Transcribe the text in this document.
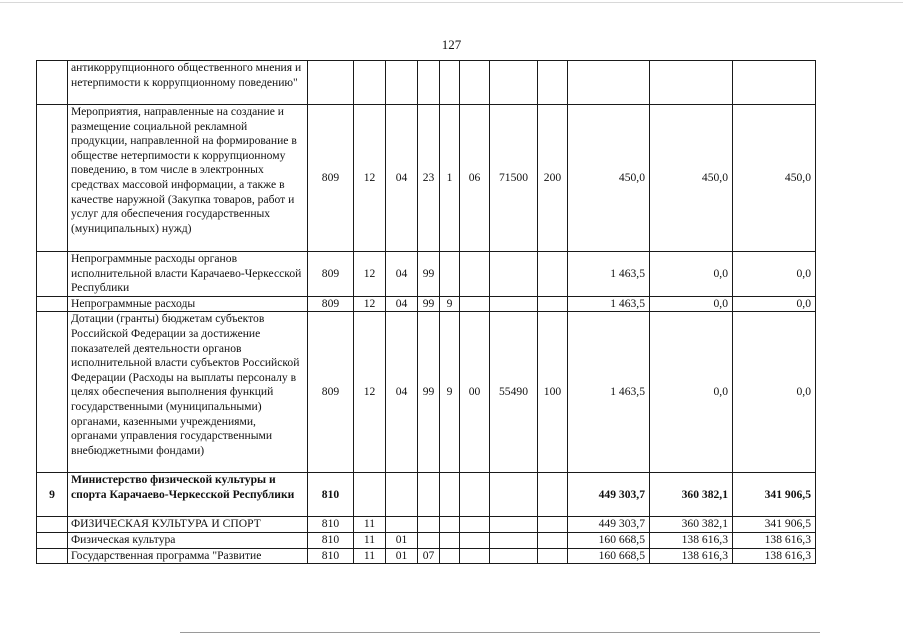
127
	антикоррупционного общественного мнения и нетерпимости к коррупционному поведению"											
	Мероприятия, направленные на создание и размещение социальной рекламной продукции, направленной на формирование в обществе нетерпимости к коррупционному поведению, в том числе в электронных средствах массовой информации, а также в качестве наружной (Закупка товаров, работ и услуг для обеспечения государственных (муниципальных) нужд)	809	12	04	23	1	06	71500	200	450,0	450,0	450,0
	Непрограммные расходы органов исполнительной власти Карачаево-Черкесской Республики	809	12	04	99					1 463,5	0,0	0,0
	Непрограммные расходы	809	12	04	99	9				1 463,5	0,0	0,0
	Дотации (гранты) бюджетам субъектов Российской Федерации за достижение показателей деятельности органов исполнительной власти субъектов Российской Федерации (Расходы на выплаты персоналу в целях обеспечения выполнения функций государственными (муниципальными) органами, казенными учреждениями, органами управления государственными внебюджетными фондами)	809	12	04	99	9	00	55490	100	1 463,5	0,0	0,0
9	Министерство физической культуры и спорта Карачаево-Черкесской Республики	810								449 303,7	360 382,1	341 906,5
	ФИЗИЧЕСКАЯ КУЛЬТУРА И СПОРТ	810	11							449 303,7	360 382,1	341 906,5
	Физическая культура	810	11	01						160 668,5	138 616,3	138 616,3
	Государственная программа "Развитие	810	11	01	07					160 668,5	138 616,3	138 616,3
